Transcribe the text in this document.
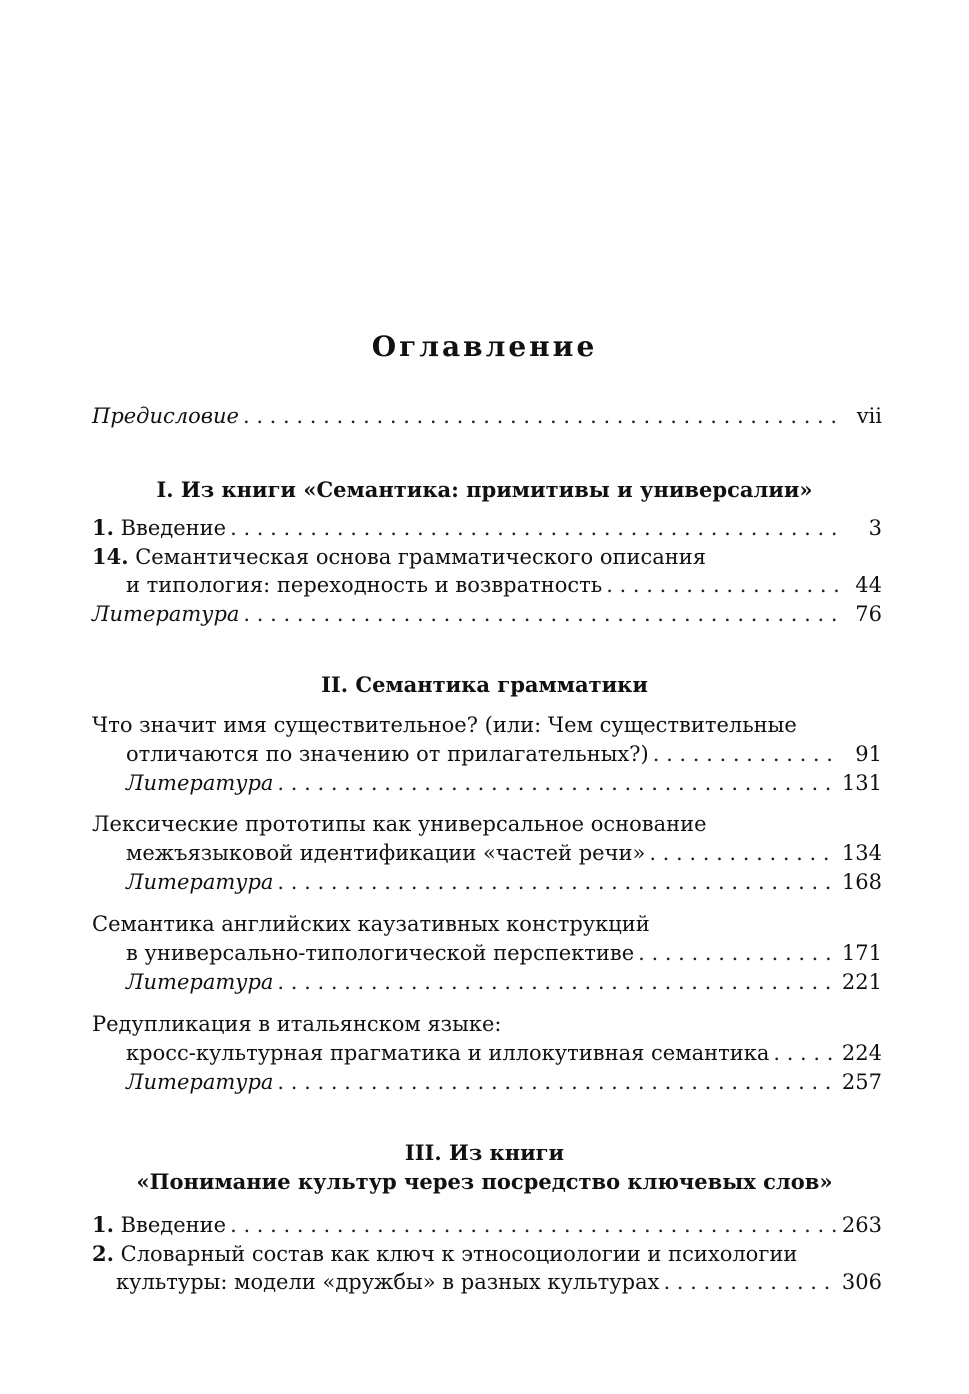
Оглавление
Предисловие . . .	vii
I. Из книги «Семантика: примитивы и универсалии»
1. Введение . . .	3
14. Семантическая основа грамматического описания
и типология: переходность и возвратность . . .	44
Литература . . .	76
II. Семантика грамматики
Что значит имя существительное? (или: Чем существительные
отличаются по значению от прилагательных?) . . .	91
Литература . . .	131
Лексические прототипы как универсальное основание
межъязыковой идентификации «частей речи» . . .	134
Литература . . .	168
Семантика английских каузативных конструкций
в универсально-типологической перспективе . . .	171
Литература . . .	221
Редупликация в итальянском языке:
кросс-культурная прагматика и иллокутивная семантика . . .	224
Литература . . .	257
III. Из книги
«Понимание культур через посредство ключевых слов»
1. Введение . . .	263
2. Словарный состав как ключ к этносоциологии и психологии
культуры: модели «дружбы» в разных культурах . . .	306
